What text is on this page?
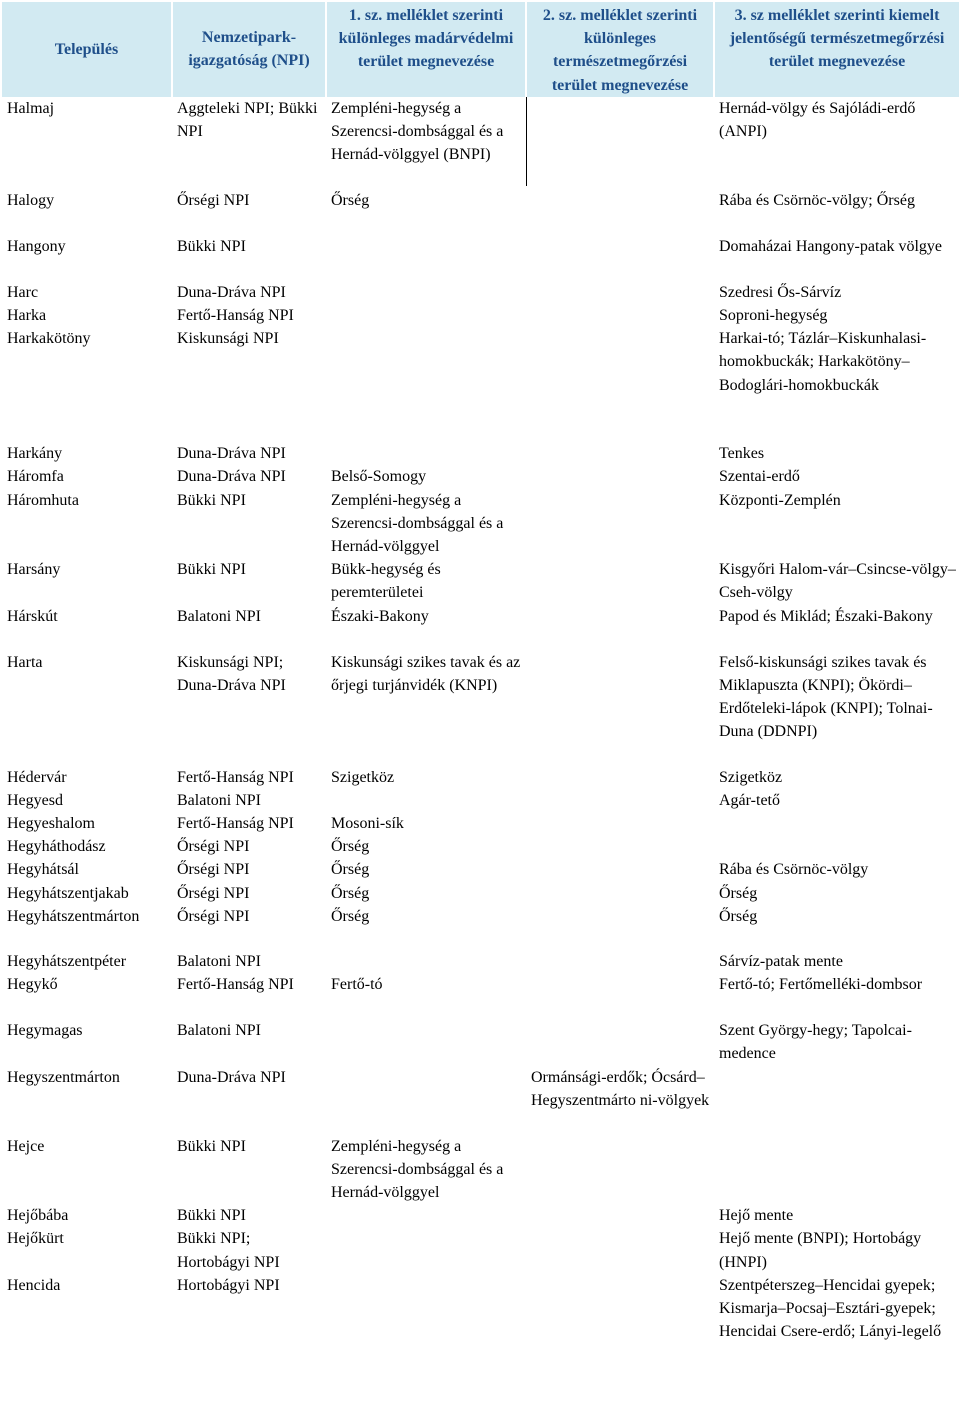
Település	Nemzetipark-igazgatóság (NPI)	1. sz. melléklet szerinti különleges madárvédelmi terület megnevezése	2. sz. melléklet szerinti különleges természetmegőrzési terület megnevezése	3. sz melléklet szerinti kiemelt jelentőségű természetmegőrzési terület megnevezése
Halmaj	Aggteleki NPI; Bükki NPI	Zempléni-hegység a Szerencsi-dombsággal és a Hernád-völggyel (BNPI)		Hernád-völgy és Sajóládi-erdő (ANPI)
Halogy	Őrségi NPI	Őrség		Rába és Csörnöc-völgy; Őrség
Hangony	Bükki NPI			Domaházai Hangony-patak völgye
Harc	Duna-Dráva NPI			Szedresi Ős-Sárvíz
Harka	Fertő-Hanság NPI			Soproni-hegység
Harkakötöny	Kiskunsági NPI			Harkai-tó; Tázlár–Kiskunhalasi-homokbuckák; Harkakötöny–Bodoglári-homokbuckák
Harkány	Duna-Dráva NPI			Tenkes
Háromfa	Duna-Dráva NPI	Belső-Somogy		Szentai-erdő
Háromhuta	Bükki NPI	Zempléni-hegység a Szerencsi-dombsággal és a Hernád-völggyel		Központi-Zemplén
Harsány	Bükki NPI	Bükk-hegység és peremterületei		Kisgyőri Halom-vár–Csincse-völgy–Cseh-völgy
Hárskút	Balatoni NPI	Északi-Bakony		Papod és Miklád; Északi-Bakony
Harta	Kiskunsági NPI; Duna-Dráva NPI	Kiskunsági szikes tavak és az őrjegi turjánvidék (KNPI)		Felső-kiskunsági szikes tavak és Miklapuszta (KNPI); Ökördi–Erdőteleki-lápok (KNPI); Tolnai-Duna (DDNPI)
Hédervár	Fertő-Hanság NPI	Szigetköz		Szigetköz
Hegyesd	Balatoni NPI			Agár-tető
Hegyeshalom	Fertő-Hanság NPI	Mosoni-sík		
Hegyháthodász	Őrségi NPI	Őrség		
Hegyhátsál	Őrségi NPI	Őrség		Rába és Csörnöc-völgy
Hegyhátszentjakab	Őrségi NPI	Őrség		Őrség
Hegyhátszentmárton	Őrségi NPI	Őrség		Őrség

Hegyhátszentpéter	Balatoni NPI			Sárvíz-patak mente
Hegykő	Fertő-Hanság NPI	Fertő-tó		Fertő-tó; Fertőmelléki-dombsor
Hegymagas	Balatoni NPI			Szent György-hegy; Tapolcai-medence
Hegyszentmárton	Duna-Dráva NPI		Ormánsági-erdők; Ócsárd–Hegyszentmárto ni-völgyek	
Hejce	Bükki NPI	Zempléni-hegység a Szerencsi-dombsággal és a Hernád-völggyel		
Hejőbába	Bükki NPI			Hejő mente
Hejőkürt	Bükki NPI; Hortobágyi NPI			Hejő mente (BNPI); Hortobágy (HNPI)
Hencida	Hortobágyi NPI			Szentpéterszeg–Hencidai gyepek; Kismarja–Pocsaj–Esztári-gyepek; Hencidai Csere-erdő; Lányi-legelő
